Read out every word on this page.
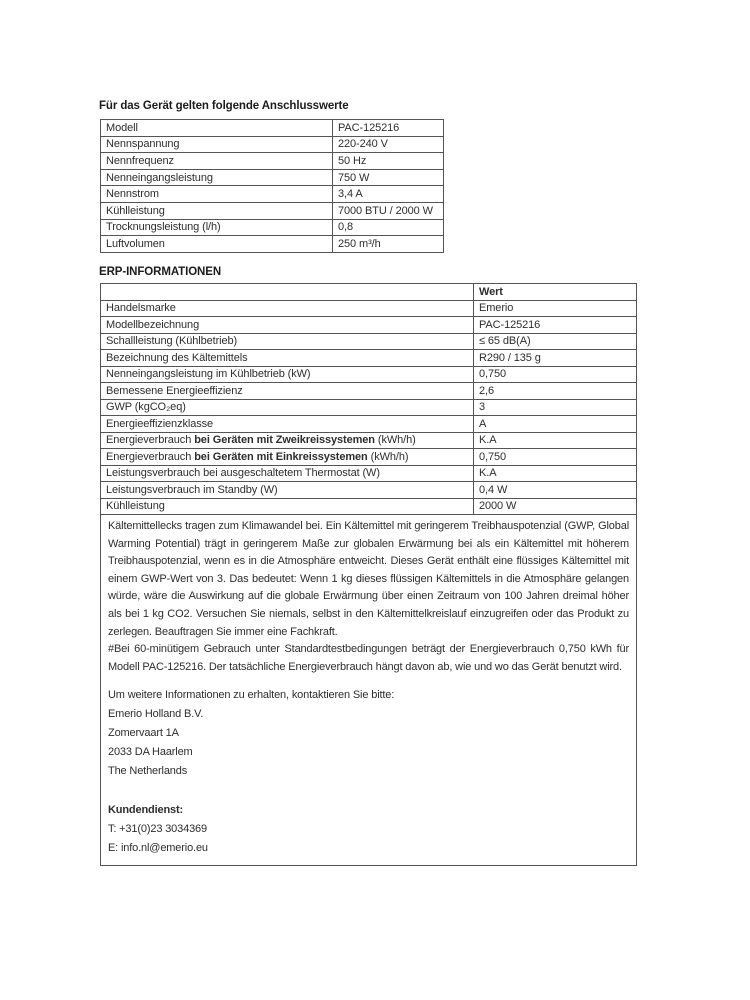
Für das Gerät gelten folgende Anschlusswerte

Modell	PAC-125216
Nennspannung	220-240 V
Nennfrequenz	50 Hz
Nenneingangsleistung	750 W
Nennstrom	3,4 A
Kühlleistung	7000 BTU / 2000 W
Trocknungsleistung (l/h)	0,8
Luftvolumen	250 m³/h

ERP-INFORMATIONEN

	Wert
Handelsmarke	Emerio
Modellbezeichnung	PAC-125216
Schallleistung (Kühlbetrieb)	≤ 65 dB(A)
Bezeichnung des Kältemittels	R290 / 135 g
Nenneingangsleistung im Kühlbetrieb (kW)	0,750
Bemessene Energieeffizienz	2,6
GWP (kgCO₂eq)	3
Energieeffizienzklasse	A
Energieverbrauch bei Geräten mit Zweikreissystemen (kWh/h)	K.A
Energieverbrauch bei Geräten mit Einkreissystemen (kWh/h)	0,750
Leistungsverbrauch bei ausgeschaltetem Thermostat (W)	K.A
Leistungsverbrauch im Standby (W)	0,4 W
Kühlleistung	2000 W

Kältemittellecks tragen zum Klimawandel bei. Ein Kältemittel mit geringerem Treibhauspotenzial (GWP, Global Warming Potential) trägt in geringerem Maße zur globalen Erwärmung bei als ein Kältemittel mit höherem Treibhauspotenzial, wenn es in die Atmosphäre entweicht. Dieses Gerät enthält eine flüssiges Kältemittel mit einem GWP-Wert von 3. Das bedeutet: Wenn 1 kg dieses flüssigen Kältemittels in die Atmosphäre gelangen würde, wäre die Auswirkung auf die globale Erwärmung über einen Zeitraum von 100 Jahren dreimal höher als bei 1 kg CO2. Versuchen Sie niemals, selbst in den Kältemittelkreislauf einzugreifen oder das Produkt zu zerlegen. Beauftragen Sie immer eine Fachkraft.

#Bei 60-minütigem Gebrauch unter Standardtestbedingungen beträgt der Energieverbrauch 0,750 kWh für Modell PAC-125216. Der tatsächliche Energieverbrauch hängt davon ab, wie und wo das Gerät benutzt wird.

Um weitere Informationen zu erhalten, kontaktieren Sie bitte:

Emerio Holland B.V.

Zomervaart 1A

2033 DA Haarlem

The Netherlands

Kundendienst:

T: +31(0)23 3034369

E: info.nl@emerio.eu
